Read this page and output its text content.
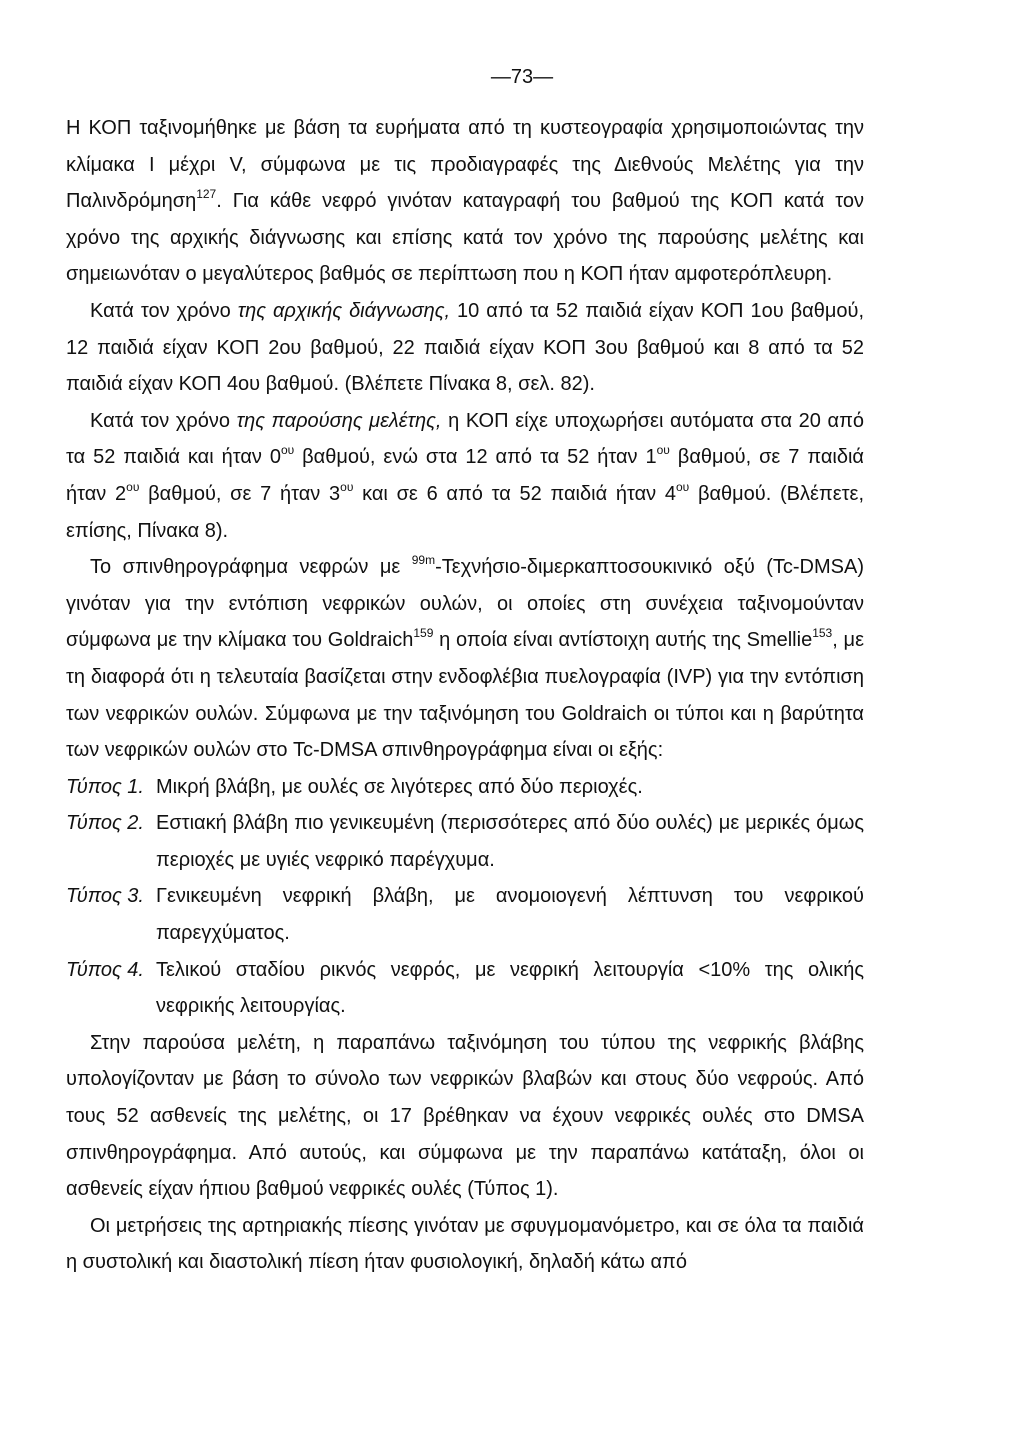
—73—

Η ΚΟΠ ταξινομήθηκε με βάση τα ευρήματα από τη κυστεογραφία χρησιμοποιώντας την κλίμακα I μέχρι V, σύμφωνα με τις προδιαγραφές της Διεθνούς Μελέτης για την Παλινδρόμηση$^{127}$. Για κάθε νεφρό γινόταν καταγραφή του βαθμού της ΚΟΠ κατά τον χρόνο της αρχικής διάγνωσης και επίσης κατά τον χρόνο της παρούσης μελέτης και σημειωνόταν ο μεγαλύτερος βαθμός σε περίπτωση που η ΚΟΠ ήταν αμφοτερόπλευρη.

Κατά τον χρόνο της αρχικής διάγνωσης, 10 από τα 52 παιδιά είχαν ΚΟΠ 1ου βαθμού, 12 παιδιά είχαν ΚΟΠ 2ου βαθμού, 22 παιδιά είχαν ΚΟΠ 3ου βαθμού και 8 από τα 52 παιδιά είχαν ΚΟΠ 4ου βαθμού. (Βλέπετε Πίνακα 8, σελ. 82).

Κατά τον χρόνο της παρούσης μελέτης, η ΚΟΠ είχε υποχωρήσει αυτόματα στα 20 από τα 52 παιδιά και ήταν $0^{o\upsilon}$ βαθμού, ενώ στα 12 από τα 52 ήταν $1^{o\upsilon}$ βαθμού, σε 7 παιδιά ήταν $2^{o\upsilon}$ βαθμού, σε 7 ήταν $3^{o\upsilon}$ και σε 6 από τα 52 παιδιά ήταν $4^{o\upsilon}$ βαθμού. (Βλέπετε, επίσης, Πίνακα 8).

Το σπινθηρογράφημα νεφρών με $^{99m}$-Τεχνήσιο-διμερκαπτοσουκινικό οξύ (Tc-DMSA) γινόταν για την εντόπιση νεφρικών ουλών, οι οποίες στη συνέχεια ταξινομούνταν σύμφωνα με την κλίμακα του Goldraich$^{159}$ η οποία είναι αντίστοιχη αυτής της Smellie$^{153}$, με τη διαφορά ότι η τελευταία βασίζεται στην ενδοφλέβια πυελογραφία (IVP) για την εντόπιση των νεφρικών ουλών. Σύμφωνα με την ταξινόμηση του Goldraich οι τύποι και η βαρύτητα των νεφρικών ουλών στο Tc-DMSA σπινθηρογράφημα είναι οι εξής:

Τύπος 1. Μικρή βλάβη, με ουλές σε λιγότερες από δύο περιοχές.
Τύπος 2. Εστιακή βλάβη πιο γενικευμένη (περισσότερες από δύο ουλές) με μερικές όμως περιοχές με υγιές νεφρικό παρέγχυμα.
Τύπος 3. Γενικευμένη νεφρική βλάβη, με ανομοιογενή λέπτυνση του νεφρικού παρεγχύματος.
Τύπος 4. Τελικού σταδίου ρικνός νεφρός, με νεφρική λειτουργία <10% της ολικής νεφρικής λειτουργίας.

Στην παρούσα μελέτη, η παραπάνω ταξινόμηση του τύπου της νεφρικής βλάβης υπολογίζονταν με βάση το σύνολο των νεφρικών βλαβών και στους δύο νεφρούς. Από τους 52 ασθενείς της μελέτης, οι 17 βρέθηκαν να έχουν νεφρικές ουλές στο DMSA σπινθηρογράφημα. Από αυτούς, και σύμφωνα με την παραπάνω κατάταξη, όλοι οι ασθενείς είχαν ήπιου βαθμού νεφρικές ουλές (Τύπος 1).

Οι μετρήσεις της αρτηριακής πίεσης γινόταν με σφυγμομανόμετρο, και σε όλα τα παιδιά η συστολική και διαστολική πίεση ήταν φυσιολογική, δηλαδή κάτω από
